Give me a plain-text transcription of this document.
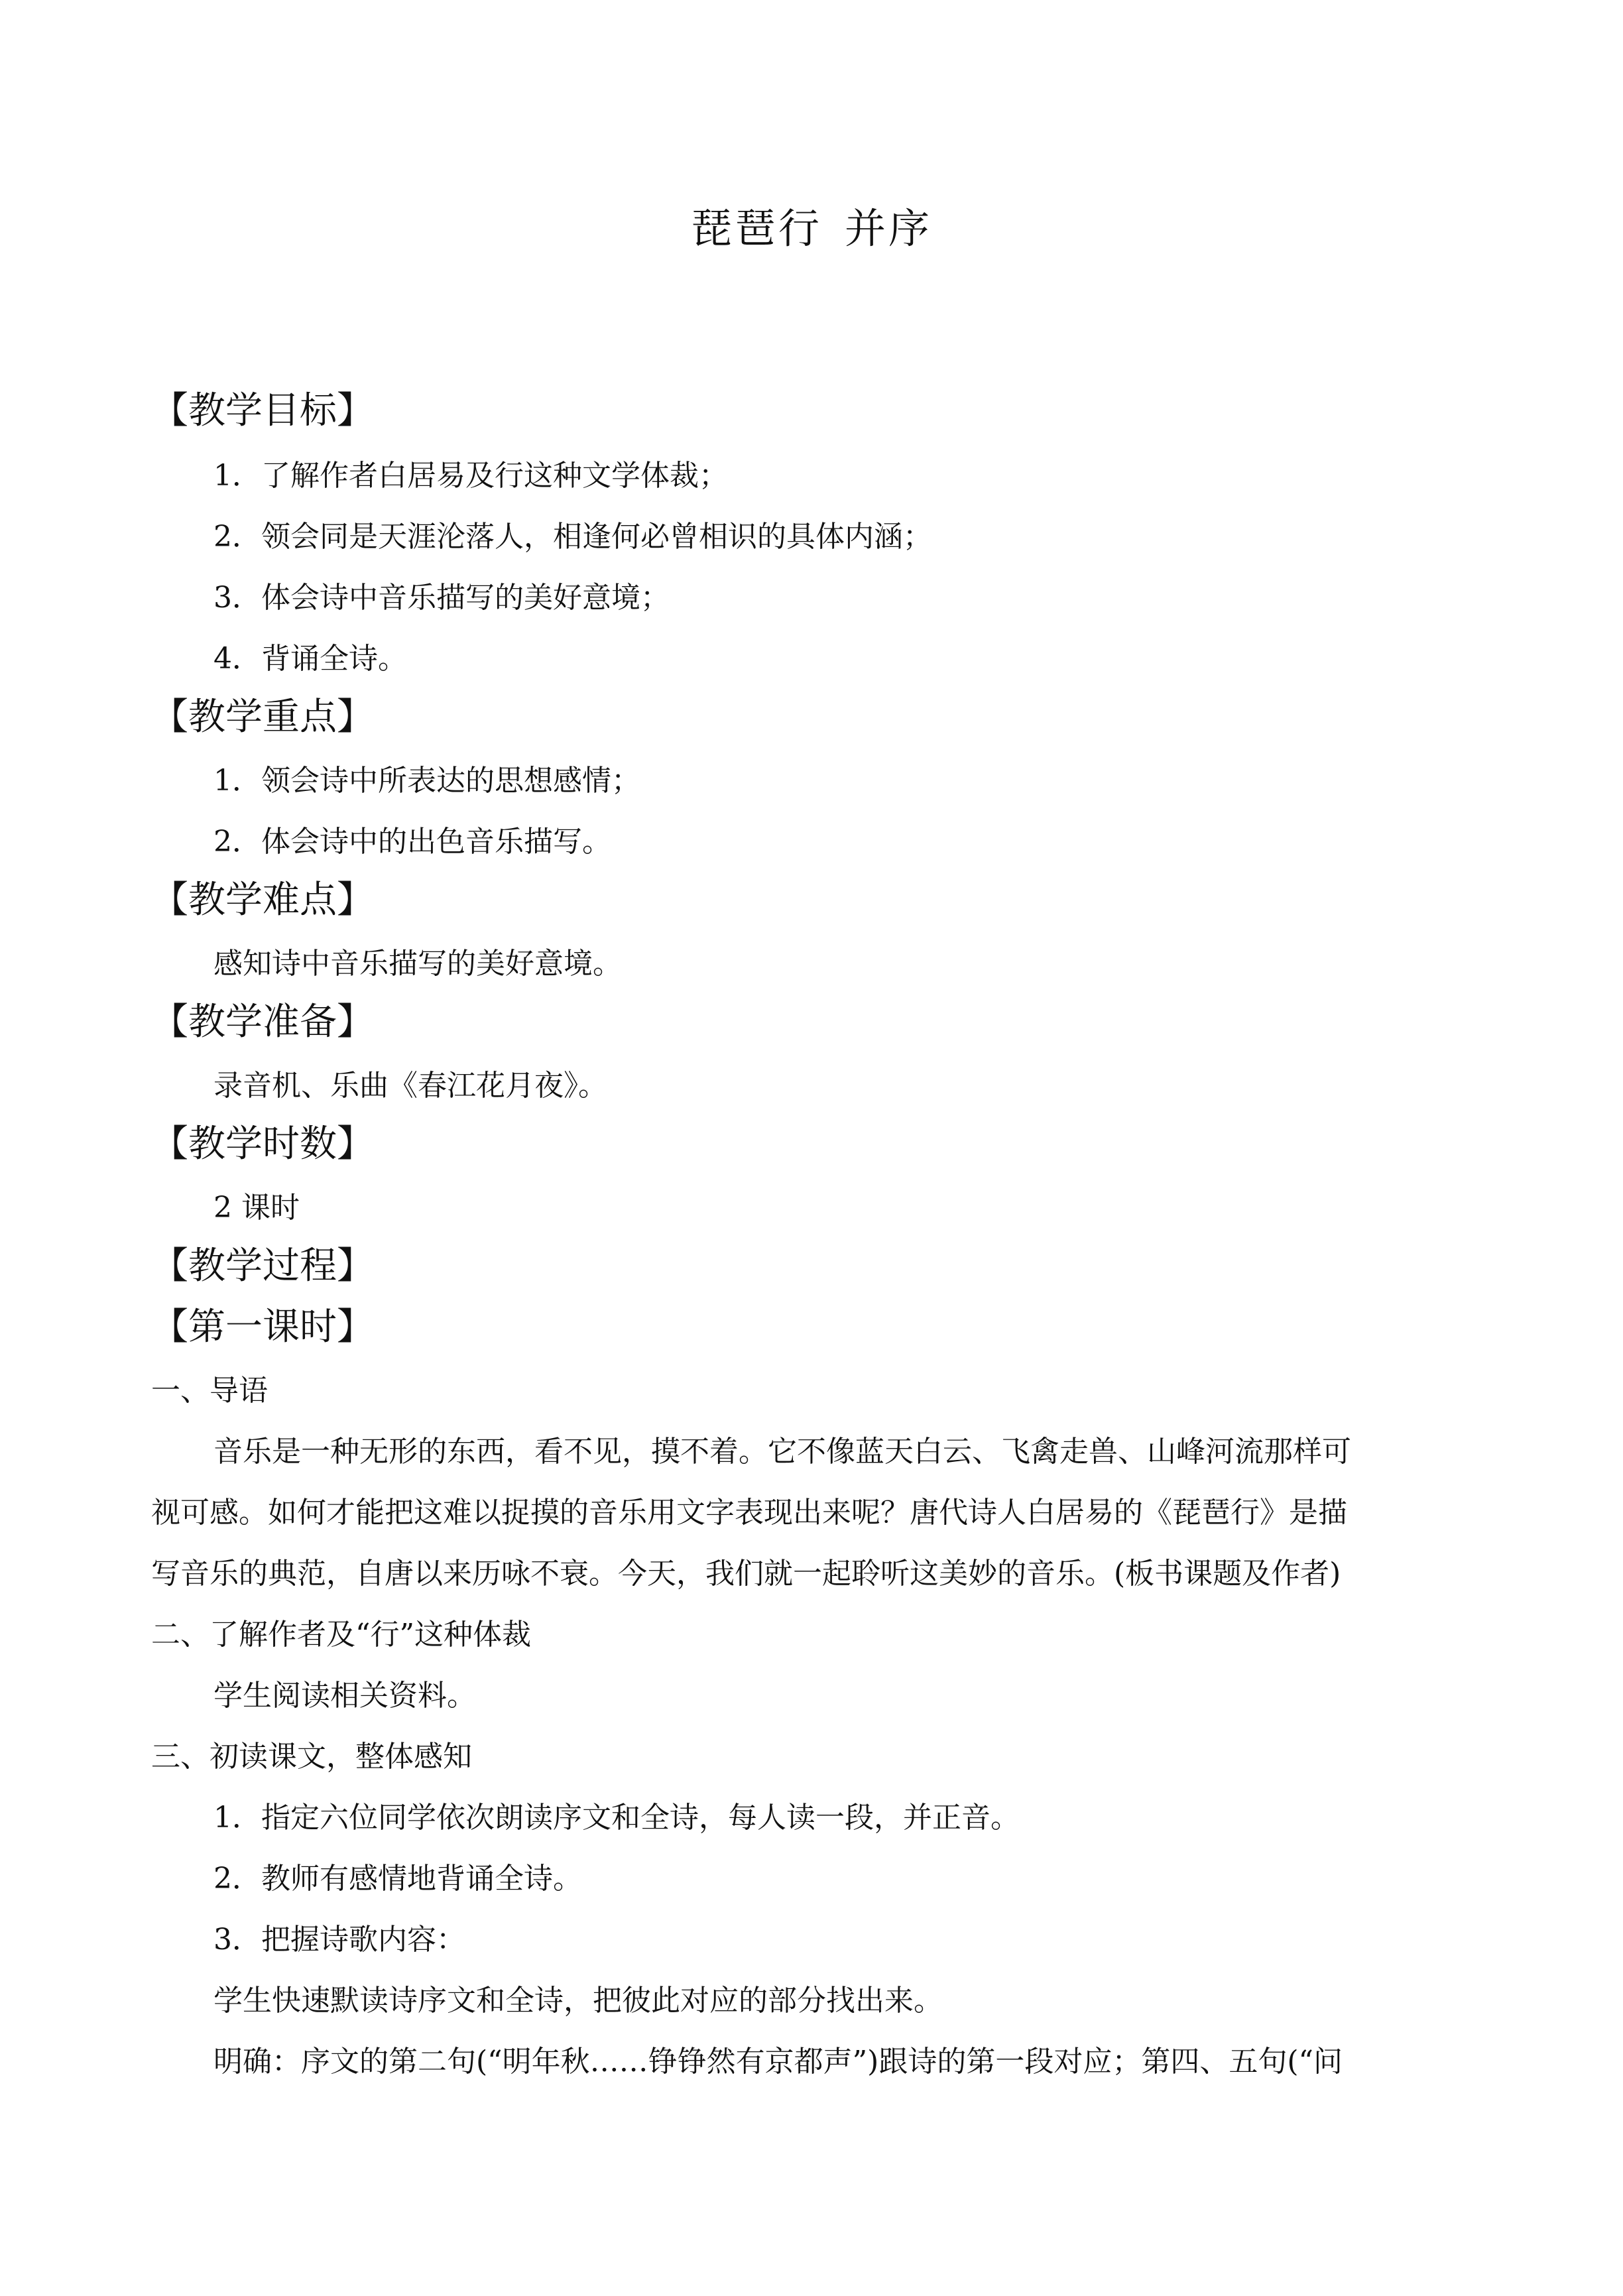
琵琶行 并序
【教学目标】
1．了解作者白居易及行这种文学体裁；
2．领会同是天涯沦落人，相逢何必曾相识的具体内涵；
3．体会诗中音乐描写的美好意境；
4．背诵全诗。
【教学重点】
1．领会诗中所表达的思想感情；
2．体会诗中的出色音乐描写。
【教学难点】
感知诗中音乐描写的美好意境。
【教学准备】
录音机、乐曲《春江花月夜》。
【教学时数】
2 课时
【教学过程】
【第一课时】
一、导语
音乐是一种无形的东西，看不见，摸不着。它不像蓝天白云、飞禽走兽、山峰河流那样可
视可感。如何才能把这难以捉摸的音乐用文字表现出来呢？唐代诗人白居易的《琵琶行》是描
写音乐的典范，自唐以来历咏不衰。今天，我们就一起聆听这美妙的音乐。(板书课题及作者)
二、了解作者及“行”这种体裁
学生阅读相关资料。
三、初读课文，整体感知
1．指定六位同学依次朗读序文和全诗，每人读一段，并正音。
2．教师有感情地背诵全诗。
3．把握诗歌内容：
学生快速默读诗序文和全诗，把彼此对应的部分找出来。
明确：序文的第二句(“明年秋……铮铮然有京都声”)跟诗的第一段对应；第四、五句(“问
